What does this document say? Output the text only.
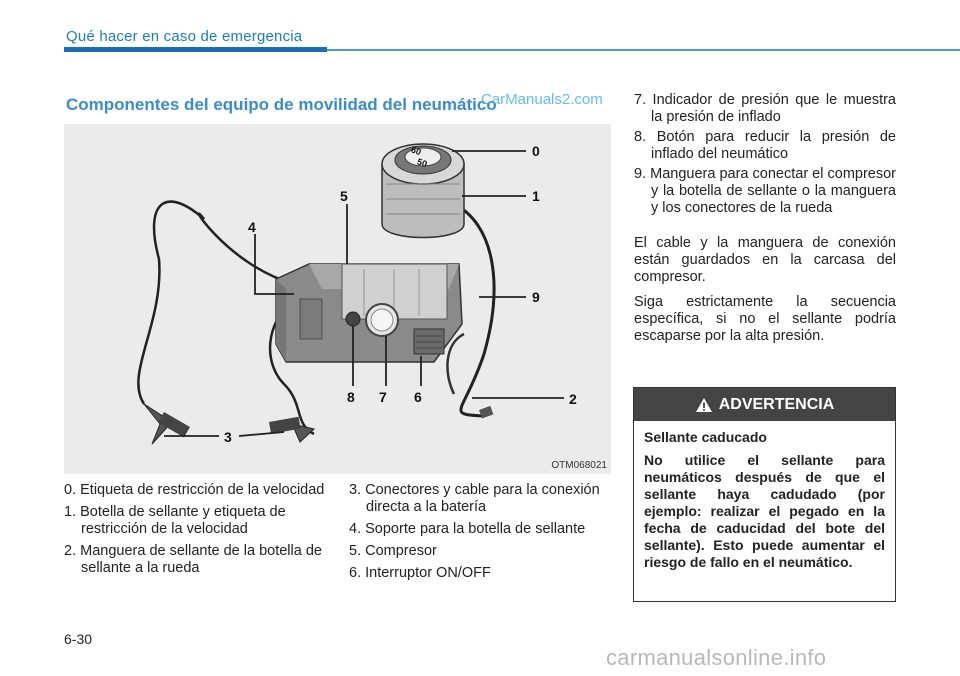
Qué hacer en caso de emergencia
Componentes del equipo de movilidad del neumático
CarManuals2.com
60
50
0
1
2
3
4
5
6
7
8
9
OTM068021
0. Etiqueta de restricción de la velocidad
1. Botella de sellante y etiqueta de restricción de la velocidad
2. Manguera de sellante de la botella de sellante a la rueda
3. Conectores y cable para la conexión directa a la batería
4. Soporte para la botella de sellante
5. Compresor
6. Interruptor ON/OFF
7. Indicador de presión que le muestra la presión de inflado
8. Botón para reducir la presión de inflado del neumático
9. Manguera para conectar el compresor y la botella de sellante o la manguera y los conectores de la rueda

El cable y la manguera de conexión están guardados en la carcasa del compresor.

Siga estrictamente la secuencia específica, si no el sellante podría escaparse por la alta presión.

ADVERTENCIA
Sellante caducado
No utilice el sellante para neumáticos después de que el sellante haya cadudado (por ejemplo: realizar el pegado en la fecha de caducidad del bote del sellante). Esto puede aumentar el riesgo de fallo en el neumático.
6-30
carmanualsonline.info
